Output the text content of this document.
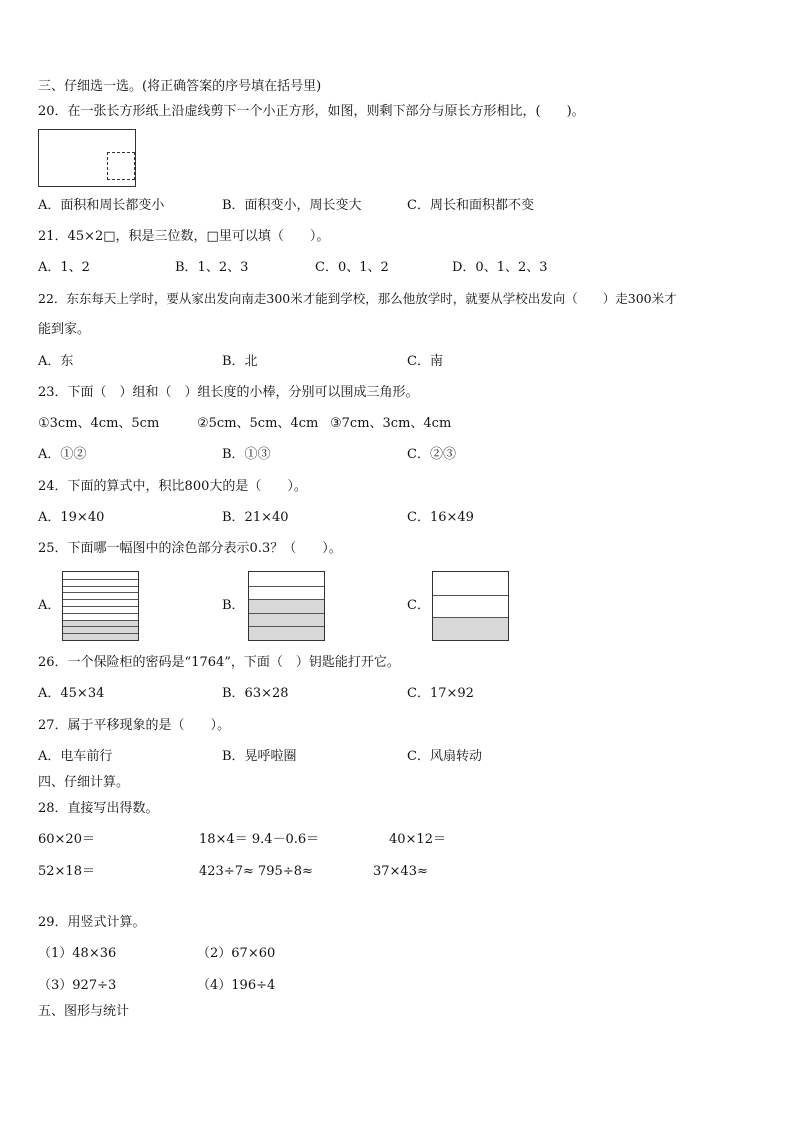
三、仔细选一选。(将正确答案的序号填在括号里)
20．在一张长方形纸上沿虚线剪下一个小正方形，如图，则剩下部分与原长方形相比，(　　)。
A．面积和周长都变小	B．面积变小，周长变大	C．周长和面积都不变
21．45×2□，积是三位数，□里可以填（　　）。
A．1、2	B．1、2、3	C．0、1、2	D．0、1、2、3
22．东东每天上学时，要从家出发向南走300米才能到学校，那么他放学时，就要从学校出发向（　　）走300米才
能到家。
A．东	B．北	C．南
23．下面（　）组和（　）组长度的小棒，分别可以围成三角形。
①3cm、4cm、5cm	②5cm、5cm、4cm ③7cm、3cm、4cm
A．①②	B．①③	C．②③
24．下面的算式中，积比800大的是（　　）。
A．19×40	B．21×40	C．16×49
25．下面哪一幅图中的涂色部分表示0.3？（　　）。
A．	B．	C．
26．一个保险柜的密码是“1764”，下面（　）钥匙能打开它。
A．45×34	B．63×28	C．17×92
27．属于平移现象的是（　　）。
A．电车前行	B．晃呼啦圈	C．风扇转动
四、仔细计算。
28．直接写出得数。
60×20＝	18×4＝ 9.4－0.6＝	40×12＝
52×18＝	423÷7≈ 795÷8≈	37×43≈
29．用竖式计算。
（1）48×36	（2）67×60
（3）927÷3	（4）196÷4
五、图形与统计
